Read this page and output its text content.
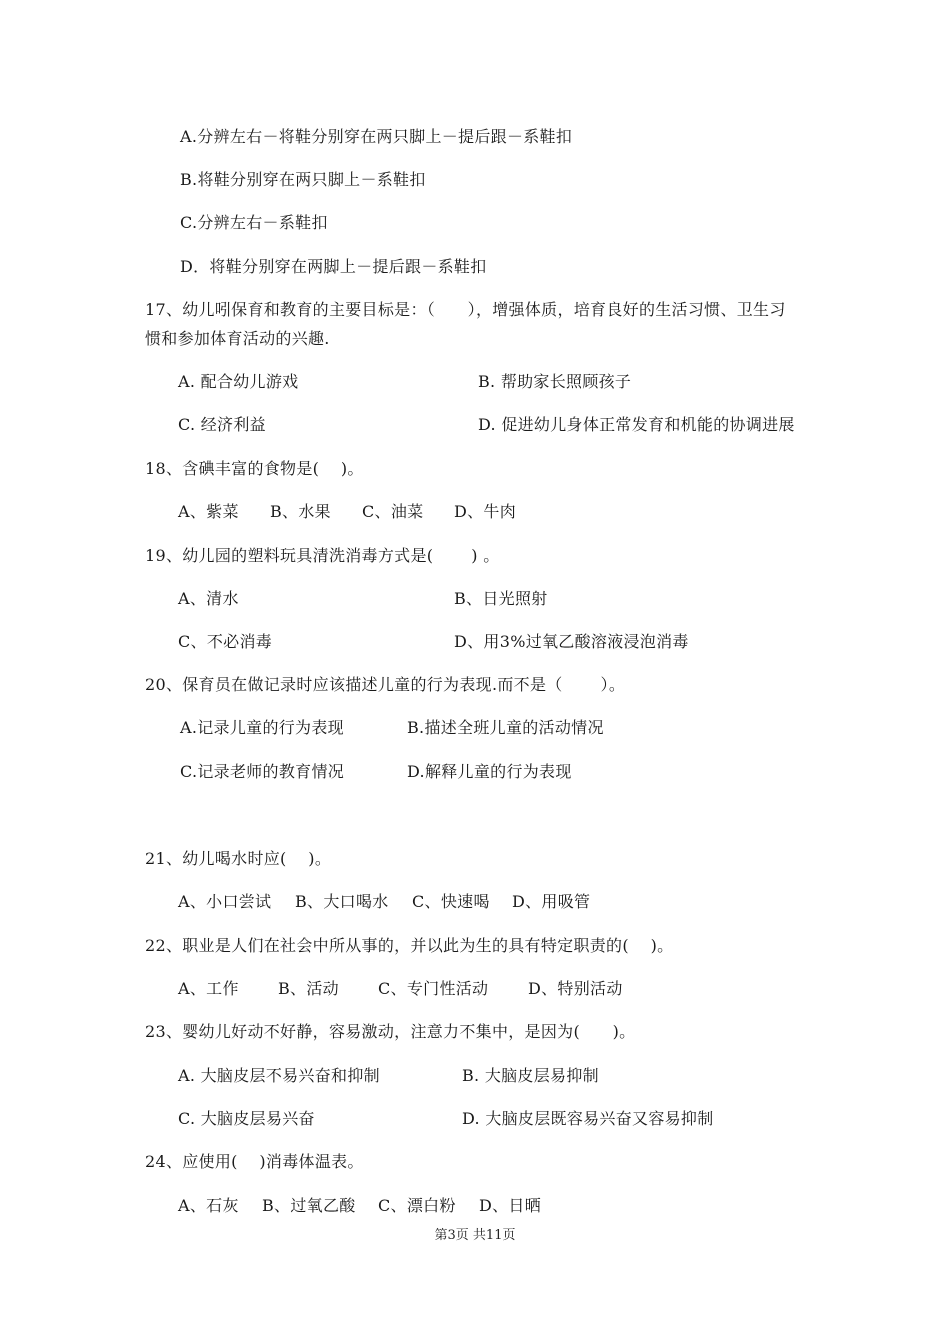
A.分辨左右－将鞋分别穿在两只脚上－提后跟－系鞋扣
B.将鞋分别穿在两只脚上－系鞋扣
C.分辨左右－系鞋扣
D．将鞋分别穿在两脚上－提后跟－系鞋扣
17、幼儿吲保育和教育的主要目标是：（　　），增强体质，培育良好的生活习惯、卫生习
惯和参加体育活动的兴趣.
A. 配合幼儿游戏	B. 帮助家长照顾孩子
C. 经济利益	D. 促进幼儿身体正常发育和机能的协调进展
18、含碘丰富的食物是(　 )。
A、紫菜 B、水果 C、油菜 D、牛肉
19、幼儿园的塑料玩具清洗消毒方式是(　　 ) 。
A、清水	B、日光照射
C、不必消毒	D、用3%过氧乙酸溶液浸泡消毒
20、保育员在做记录时应该描述儿童的行为表现.而不是（　　 ）。
A.记录儿童的行为表现	B.描述全班儿童的活动情况
C.记录老师的教育情况	D.解释儿童的行为表现
21、幼儿喝水时应(　 )。
A、小口尝试 B、大口喝水 C、快速喝 D、用吸管
22、职业是人们在社会中所从事的，并以此为生的具有特定职责的(　 )。
A、工作 B、活动 C、专门性活动 D、特别活动
23、婴幼儿好动不好静，容易激动，注意力不集中，是因为(　　)。
A. 大脑皮层不易兴奋和抑制	B. 大脑皮层易抑制
C. 大脑皮层易兴奋	D. 大脑皮层既容易兴奋又容易抑制
24、应使用(　 )消毒体温表。
A、石灰 B、过氧乙酸 C、漂白粉 D、日晒
第3页 共11页
